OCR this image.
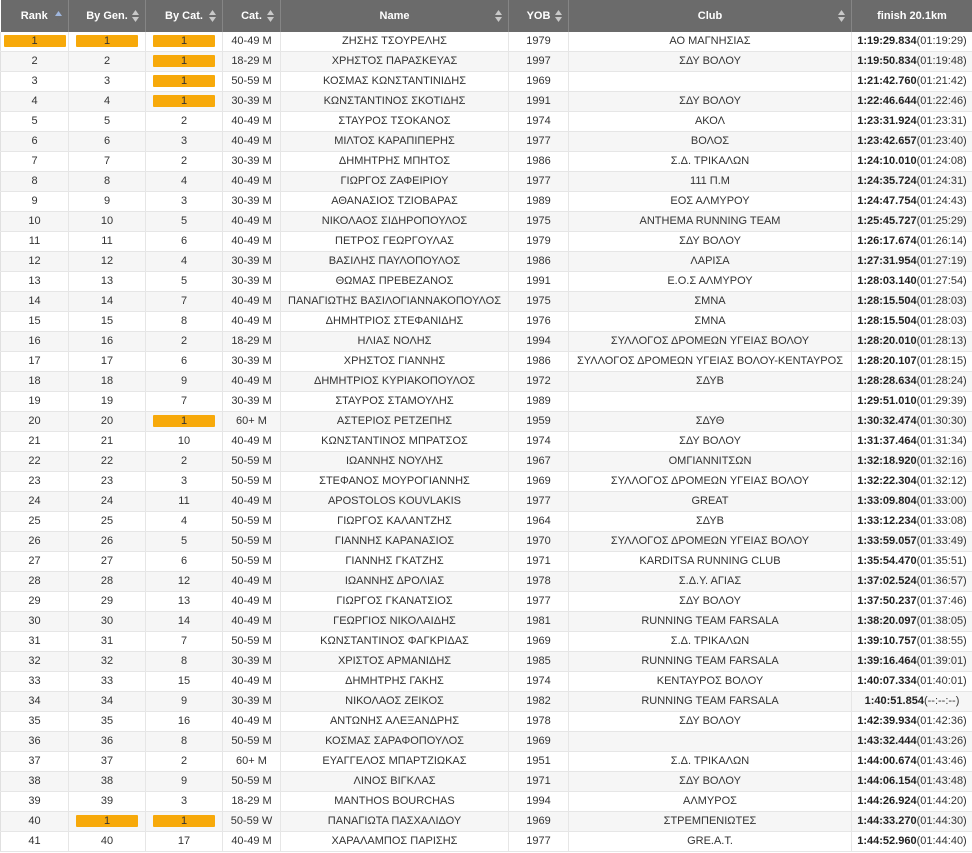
Rank	By Gen.	By Cat.	Cat.	Name	YOB	Club	finish 20.1km
1	1	1	40-49 M	ΖΗΣΗΣ ΤΣΟΥΡΕΛΗΣ	1979	ΑΟ ΜΑΓΝΗΣΙΑΣ	1:19:29.834(01:19:29)
2	2	1	18-29 M	ΧΡΗΣΤΟΣ ΠΑΡΑΣΚΕΥΑΣ	1997	ΣΔΥ ΒΟΛΟΥ	1:19:50.834(01:19:48)
3	3	1	50-59 M	ΚΟΣΜΑΣ ΚΩΝΣΤΑΝΤΙΝΙΔΗΣ	1969		1:21:42.760(01:21:42)
4	4	1	30-39 M	ΚΩΝΣΤΑΝΤΙΝΟΣ ΣΚΟΤΙΔΗΣ	1991	ΣΔΥ ΒΟΛΟΥ	1:22:46.644(01:22:46)
5	5	2	40-49 M	ΣΤΑΥΡΟΣ ΤΣΟΚΑΝΟΣ	1974	ΑΚΟΛ	1:23:31.924(01:23:31)
6	6	3	40-49 M	ΜΙΛΤΟΣ ΚΑΡΑΠΙΠΕΡΗΣ	1977	ΒΟΛΟΣ	1:23:42.657(01:23:40)
7	7	2	30-39 M	ΔΗΜΗΤΡΗΣ ΜΠΗΤΟΣ	1986	Σ.Δ. ΤΡΙΚΑΛΩΝ	1:24:10.010(01:24:08)
8	8	4	40-49 M	ΓΙΩΡΓΟΣ ΖΑΦΕΙΡΙΟΥ	1977	111 Π.Μ	1:24:35.724(01:24:31)
9	9	3	30-39 M	ΑΘΑΝΑΣΙΟΣ ΤΖΙΟΒΑΡΑΣ	1989	ΕΟΣ ΑΛΜΥΡΟΥ	1:24:47.754(01:24:43)
10	10	5	40-49 M	ΝΙΚΟΛΑΟΣ ΣΙΔΗΡΟΠΟΥΛΟΣ	1975	ANTHEMA RUNNING TEAM	1:25:45.727(01:25:29)
11	11	6	40-49 M	ΠΕΤΡΟΣ ΓΕΩΡΓΟΥΛΑΣ	1979	ΣΔΥ ΒΟΛΟΥ	1:26:17.674(01:26:14)
12	12	4	30-39 M	ΒΑΣΙΛΗΣ ΠΑΥΛΟΠΟΥΛΟΣ	1986	ΛΑΡΙΣΑ	1:27:31.954(01:27:19)
13	13	5	30-39 M	ΘΩΜΑΣ ΠΡΕΒΕΖΑΝΟΣ	1991	Ε.Ο.Σ ΑΛΜΥΡΟΥ	1:28:03.140(01:27:54)
14	14	7	40-49 M	ΠΑΝΑΓΙΩΤΗΣ ΒΑΣΙΛΟΓΙΑΝΝΑΚΟΠΟΥΛΟΣ	1975	ΣΜΝΑ	1:28:15.504(01:28:03)
15	15	8	40-49 M	ΔΗΜΗΤΡΙΟΣ ΣΤΕΦΑΝΙΔΗΣ	1976	ΣΜΝΑ	1:28:15.504(01:28:03)
16	16	2	18-29 M	ΗΛΙΑΣ ΝΟΛΗΣ	1994	ΣΥΛΛΟΓΟΣ ΔΡΟΜΕΩΝ ΥΓΕΙΑΣ ΒΟΛΟΥ	1:28:20.010(01:28:13)
17	17	6	30-39 M	ΧΡΗΣΤΟΣ ΓΙΑΝΝΗΣ	1986	ΣΥΛΛΟΓΟΣ ΔΡΟΜΕΩΝ ΥΓΕΙΑΣ ΒΟΛΟΥ-ΚΕΝΤΑΥΡΟΣ	1:28:20.107(01:28:15)
18	18	9	40-49 M	ΔΗΜΗΤΡΙΟΣ ΚΥΡΙΑΚΟΠΟΥΛΟΣ	1972	ΣΔΥΒ	1:28:28.634(01:28:24)
19	19	7	30-39 M	ΣΤΑΥΡΟΣ ΣΤΑΜΟΥΛΗΣ	1989		1:29:51.010(01:29:39)
20	20	1	60+ M	ΑΣΤΕΡΙΟΣ ΡΕΤΖΕΠΗΣ	1959	ΣΔΥΘ	1:30:32.474(01:30:30)
21	21	10	40-49 M	ΚΩΝΣΤΑΝΤΙΝΟΣ ΜΠΡΑΤΣΟΣ	1974	ΣΔΥ ΒΟΛΟΥ	1:31:37.464(01:31:34)
22	22	2	50-59 M	ΙΩΑΝΝΗΣ ΝΟΥΛΗΣ	1967	ΟΜΓΙΑΝΝΙΤΣΩΝ	1:32:18.920(01:32:16)
23	23	3	50-59 M	ΣΤΕΦΑΝΟΣ ΜΟΥΡΟΓΙΑΝΝΗΣ	1969	ΣΥΛΛΟΓΟΣ ΔΡΟΜΕΩΝ ΥΓΕΙΑΣ ΒΟΛΟΥ	1:32:22.304(01:32:12)
24	24	11	40-49 M	APOSTOLOS KOUVLAKIS	1977	GREAT	1:33:09.804(01:33:00)
25	25	4	50-59 M	ΓΙΩΡΓΟΣ ΚΑΛΑΝΤΖΗΣ	1964	ΣΔΥΒ	1:33:12.234(01:33:08)
26	26	5	50-59 M	ΓΙΑΝΝΗΣ ΚΑΡΑΝΑΣΙΟΣ	1970	ΣΥΛΛΟΓΟΣ ΔΡΟΜΕΩΝ ΥΓΕΙΑΣ ΒΟΛΟΥ	1:33:59.057(01:33:49)
27	27	6	50-59 M	ΓΙΑΝΝΗΣ ΓΚΑΤΖΗΣ	1971	KARDITSA RUNNING CLUB	1:35:54.470(01:35:51)
28	28	12	40-49 M	ΙΩΑΝΝΗΣ ΔΡΟΛΙΑΣ	1978	Σ.Δ.Υ. ΑΓΙΑΣ	1:37:02.524(01:36:57)
29	29	13	40-49 M	ΓΙΩΡΓΟΣ ΓΚΑΝΑΤΣΙΟΣ	1977	ΣΔΥ ΒΟΛΟΥ	1:37:50.237(01:37:46)
30	30	14	40-49 M	ΓΕΩΡΓΙΟΣ ΝΙΚΟΛΑΙΔΗΣ	1981	RUNNING TEAM FARSALA	1:38:20.097(01:38:05)
31	31	7	50-59 M	ΚΩΝΣΤΑΝΤΙΝΟΣ ΦΑΓΚΡΙΔΑΣ	1969	Σ.Δ. ΤΡΙΚΑΛΩΝ	1:39:10.757(01:38:55)
32	32	8	30-39 M	ΧΡΙΣΤΟΣ ΑΡΜΑΝΙΔΗΣ	1985	RUNNING TEAM FARSALA	1:39:16.464(01:39:01)
33	33	15	40-49 M	ΔΗΜΗΤΡΗΣ ΓΑΚΗΣ	1974	ΚΕΝΤΑΥΡΟΣ ΒΟΛΟΥ	1:40:07.334(01:40:01)
34	34	9	30-39 M	ΝΙΚΟΛΑΟΣ ΖΕΙΚΟΣ	1982	RUNNING TEAM FARSALA	1:40:51.854(--:--:--)
35	35	16	40-49 M	ΑΝΤΩΝΗΣ ΑΛΕΞΑΝΔΡΗΣ	1978	ΣΔΥ ΒΟΛΟΥ	1:42:39.934(01:42:36)
36	36	8	50-59 M	ΚΟΣΜΑΣ ΣΑΡΑΦΟΠΟΥΛΟΣ	1969		1:43:32.444(01:43:26)
37	37	2	60+ M	ΕΥΑΓΓΕΛΟΣ ΜΠΑΡΤΖΙΩΚΑΣ	1951	Σ.Δ. ΤΡΙΚΑΛΩΝ	1:44:00.674(01:43:46)
38	38	9	50-59 M	ΛΙΝΟΣ ΒΙΓΚΛΑΣ	1971	ΣΔΥ ΒΟΛΟΥ	1:44:06.154(01:43:48)
39	39	3	18-29 M	MANTHOS BOURCHAS	1994	ΑΛΜΥΡΟΣ	1:44:26.924(01:44:20)
40	1	1	50-59 W	ΠΑΝΑΓΙΩΤΑ ΠΑΣΧΑΛΙΔΟΥ	1969	ΣΤΡΕΜΠΕΝΙΩΤΕΣ	1:44:33.270(01:44:30)
41	40	17	40-49 M	ΧΑΡΑΛΑΜΠΟΣ ΠΑΡΙΣΗΣ	1977	GRE.A.T.	1:44:52.960(01:44:40)
